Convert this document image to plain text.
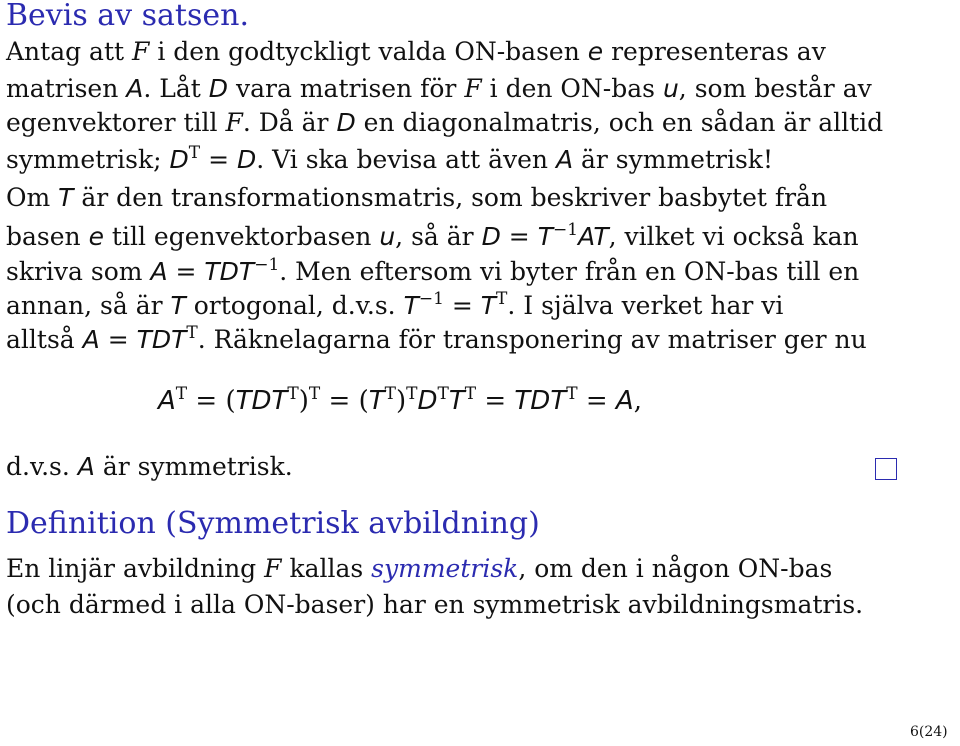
Bevis av satsen.
Antag att F i den godtyckligt valda ON-basen e representeras av
matrisen A. Låt D vara matrisen för F i den ON-bas u, som består av
egenvektorer till F. Då är D en diagonalmatris, och en sådan är alltid
symmetrisk; $D^T = D$. Vi ska bevisa att även A är symmetrisk!
Om T är den transformationsmatris, som beskriver basbytet från
basen e till egenvektorbasen u, så är $D = T^{-1}AT$, vilket vi också kan
skriva som $A = TDT^{-1}$. Men eftersom vi byter från en ON-bas till en
annan, så är T ortogonal, d.v.s. $T^{-1} = T^T$. I själva verket har vi
alltså $A = TDT^T$. Räknelagarna för transponering av matriser ger nu
$A^T = (TDT^T)^T = (T^T)^TD^TT^T = TDT^T = A$,
d.v.s. A är symmetrisk.
Definition (Symmetrisk avbildning)
En linjär avbildning F kallas symmetrisk, om den i någon ON-bas
(och därmed i alla ON-baser) har en symmetrisk avbildningsmatris.
6(24)
